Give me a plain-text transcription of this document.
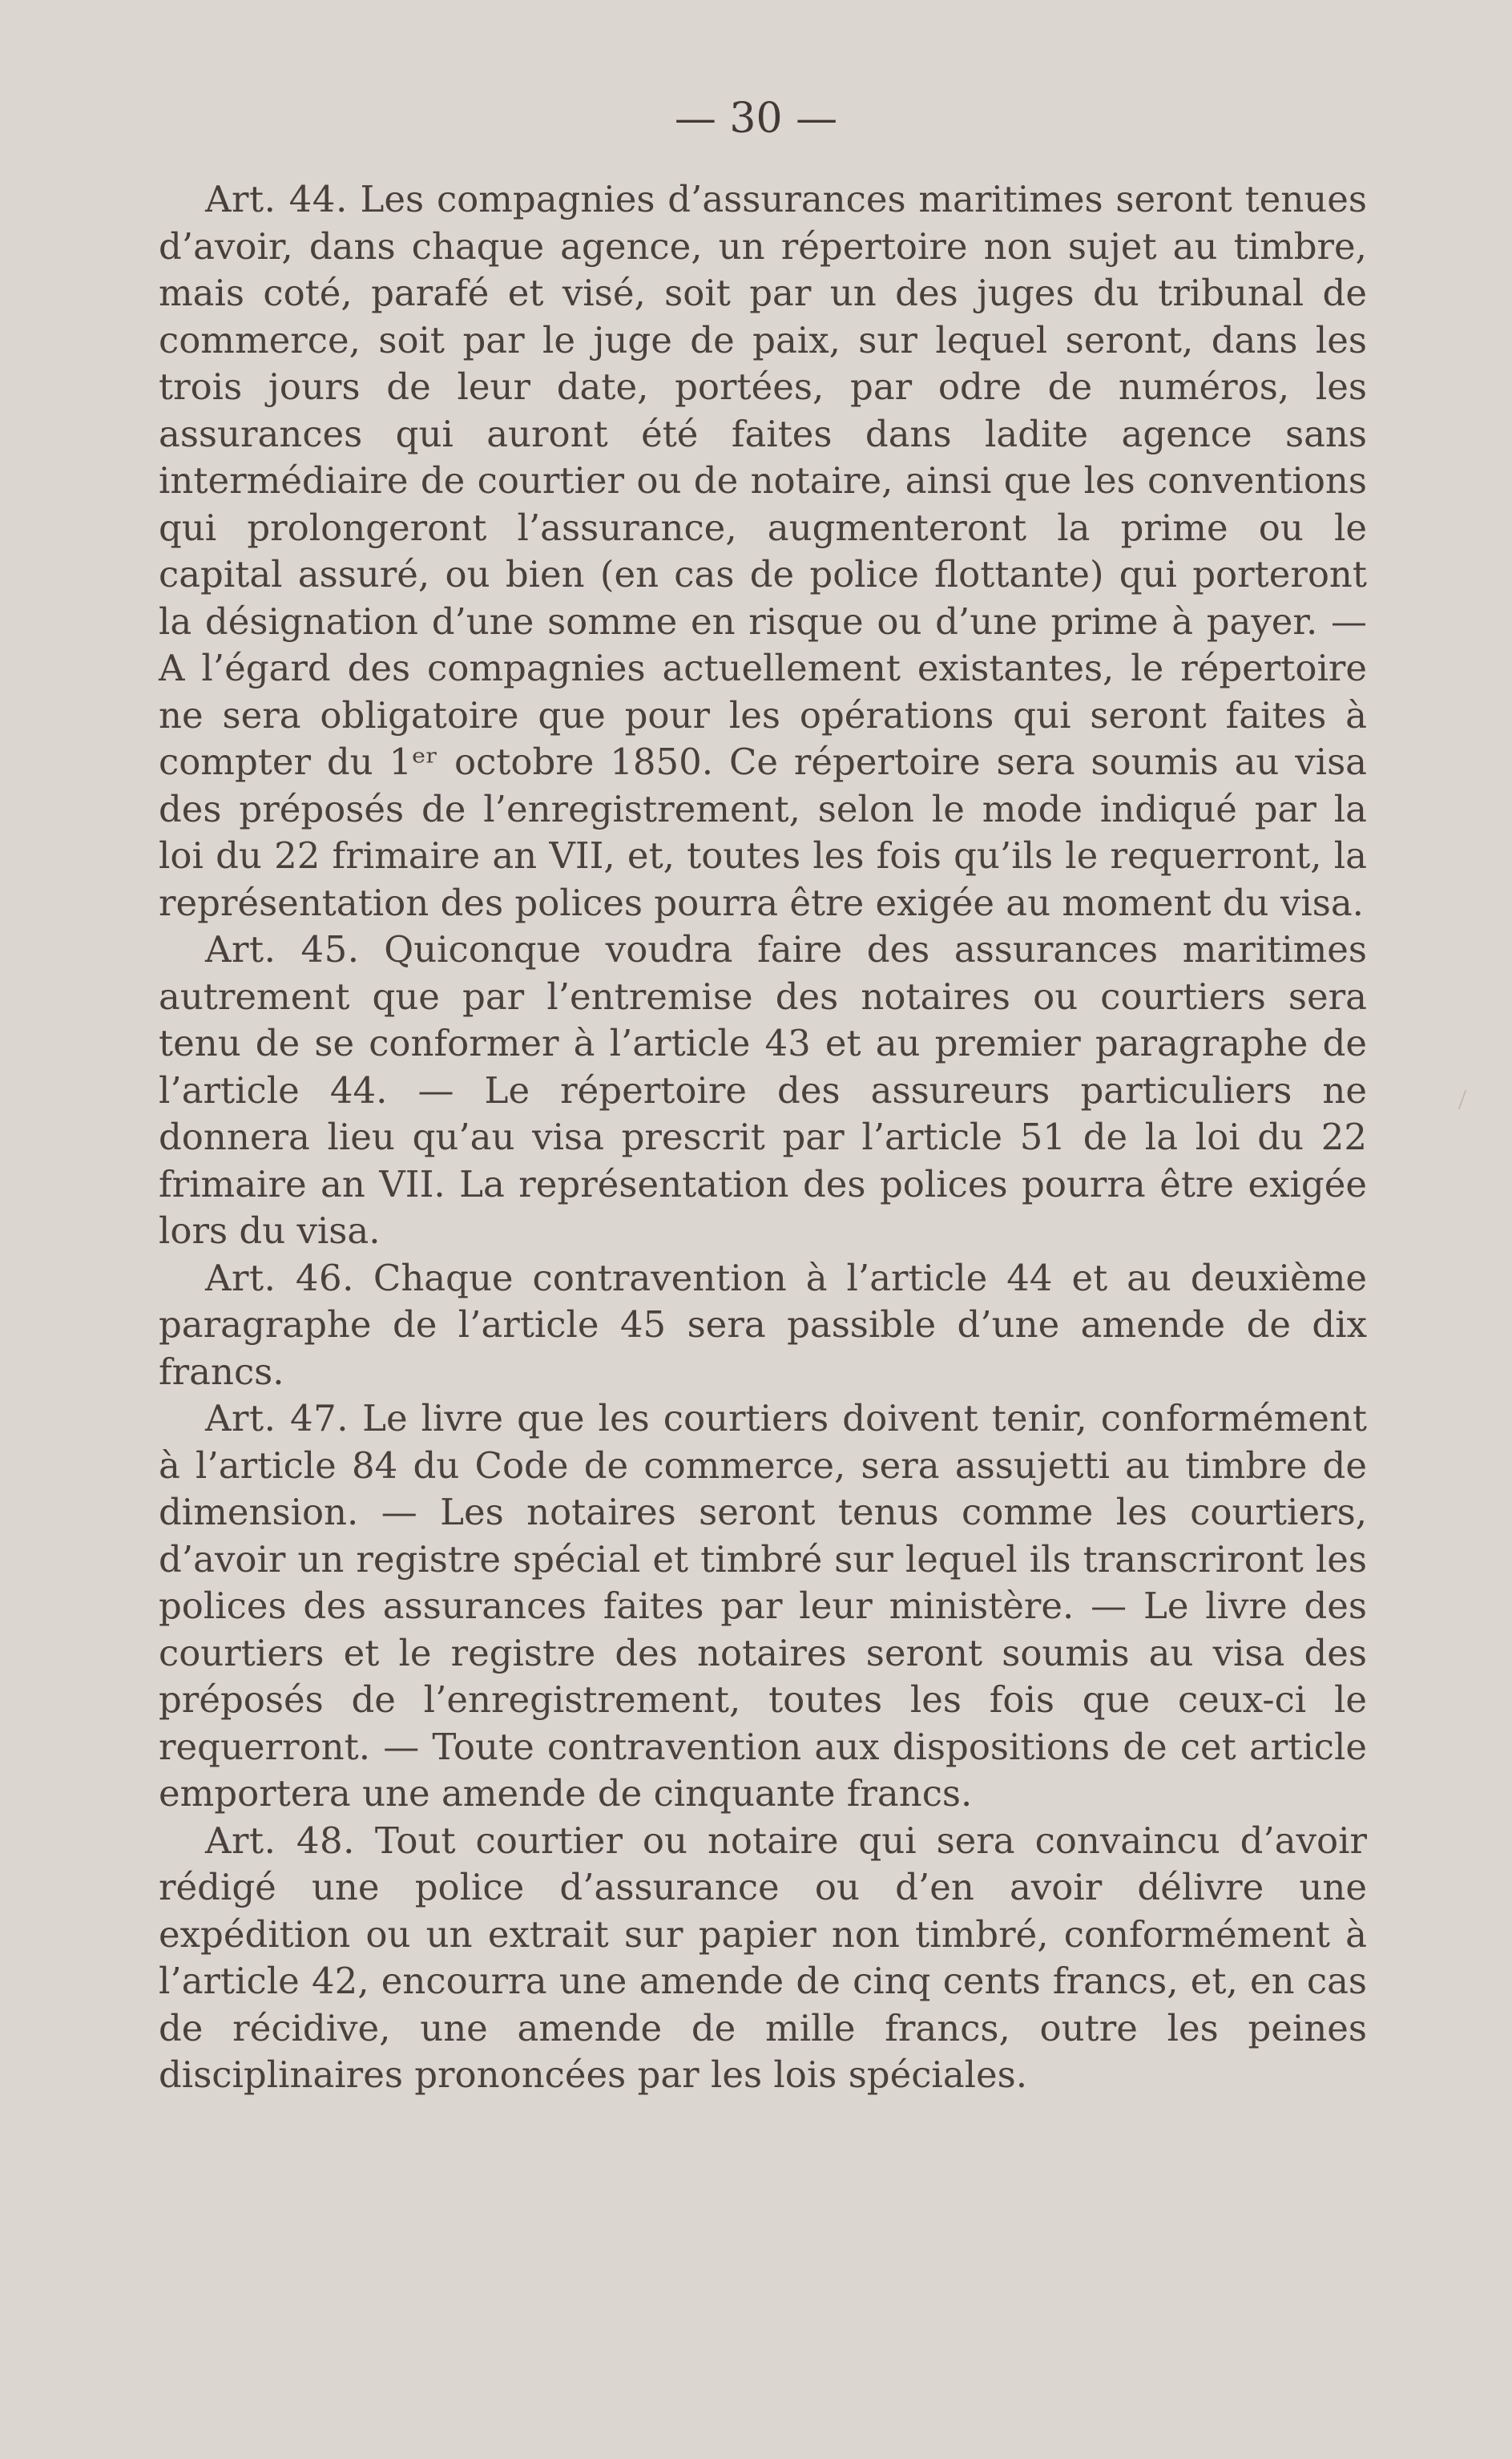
— 30 —

Art. 44. Les compagnies d’assurances maritimes seront tenues d’avoir, dans chaque agence, un répertoire non sujet au timbre, mais coté, parafé et visé, soit par un des juges du tribunal de commerce, soit par le juge de paix, sur lequel seront, dans les trois jours de leur date, portées, par odre de numéros, les assurances qui auront été faites dans ladite agence sans intermédiaire de courtier ou de notaire, ainsi que les conventions qui prolongeront l’assurance, augmenteront la prime ou le capital assuré, ou bien (en cas de police flottante) qui porteront la désignation d’une somme en risque ou d’une prime à payer. — A l’égard des compagnies actuellement existantes, le répertoire ne sera obligatoire que pour les opérations qui seront faites à compter du 1ᵉʳ octobre 1850. Ce répertoire sera soumis au visa des préposés de l’enregistrement, selon le mode indiqué par la loi du 22 frimaire an VII, et, toutes les fois qu’ils le requerront, la représentation des polices pourra être exigée au moment du visa.

Art. 45. Quiconque voudra faire des assurances maritimes autrement que par l’entremise des notaires ou courtiers sera tenu de se conformer à l’article 43 et au premier paragraphe de l’article 44. — Le répertoire des assureurs particuliers ne donnera lieu qu’au visa prescrit par l’article 51 de la loi du 22 frimaire an VII. La représentation des polices pourra être exigée lors du visa.

Art. 46. Chaque contravention à l’article 44 et au deuxième paragraphe de l’article 45 sera passible d’une amende de dix francs.

Art. 47. Le livre que les courtiers doivent tenir, conformément à l’article 84 du Code de commerce, sera assujetti au timbre de dimension. — Les notaires seront tenus comme les courtiers, d’avoir un registre spécial et timbré sur lequel ils transcriront les polices des assurances faites par leur ministère. — Le livre des courtiers et le registre des notaires seront soumis au visa des préposés de l’enregistrement, toutes les fois que ceux-ci le requerront. — Toute contravention aux dispositions de cet article emportera une amende de cinquante francs.

Art. 48. Tout courtier ou notaire qui sera convaincu d’avoir rédigé une police d’assurance ou d’en avoir délivre une expédition ou un extrait sur papier non timbré, conformément à l’article 42, encourra une amende de cinq cents francs, et, en cas de récidive, une amende de mille francs, outre les peines disciplinaires prononcées par les lois spéciales.
